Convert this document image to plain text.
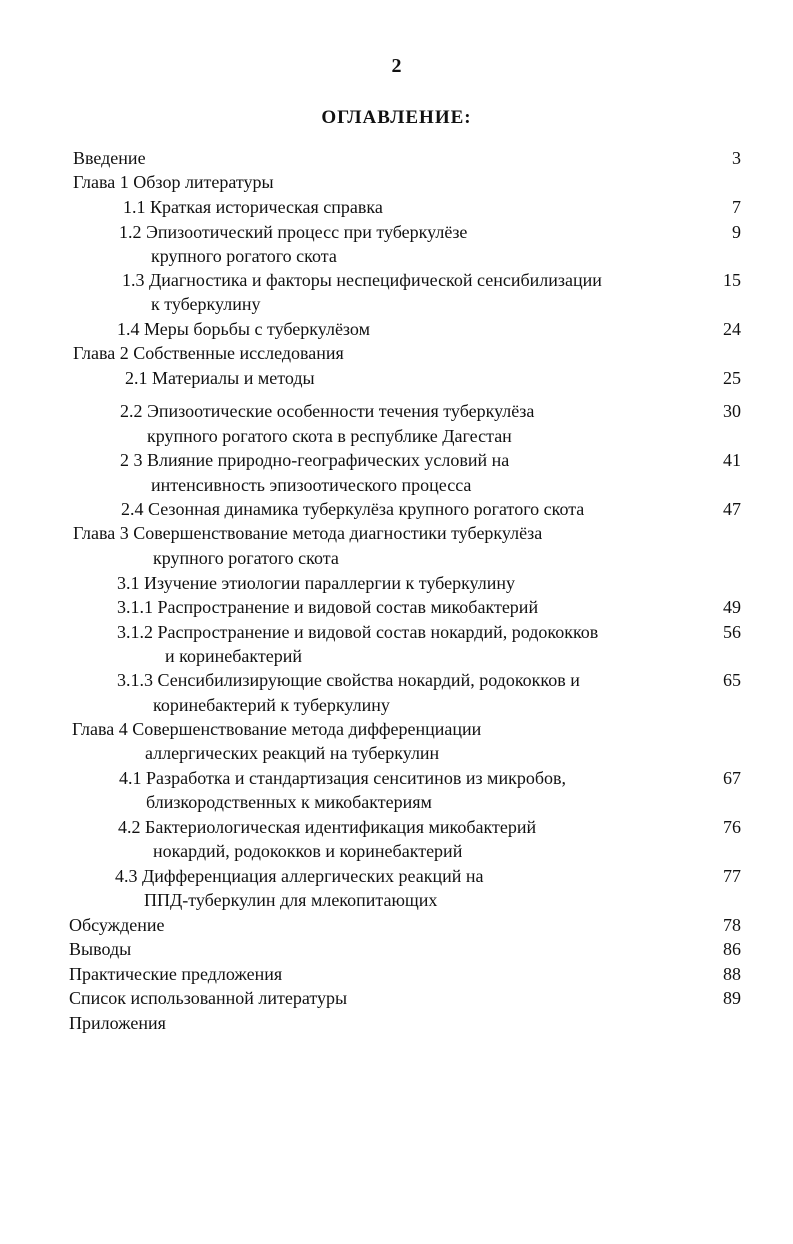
2
ОГЛАВЛЕНИЕ:
Введение	3
Глава 1 Обзор литературы
1.1 Краткая историческая справка	7
1.2 Эпизоотический процесс при туберкулёзе	9
крупного рогатого скота
1.3 Диагностика и факторы неспецифической сенсибилизации	15
к туберкулину
1.4 Меры борьбы с туберкулёзом	24
Глава 2 Собственные исследования
2.1 Материалы и методы	25
2.2 Эпизоотические особенности течения туберкулёза	30
крупного рогатого скота в республике Дагестан
2 3 Влияние природно-географических условий на	41
интенсивность эпизоотического процесса
2.4 Сезонная динамика туберкулёза крупного рогатого скота	47
Глава 3 Совершенствование метода диагностики туберкулёза
крупного рогатого скота
3.1 Изучение этиологии параллергии к туберкулину
3.1.1 Распространение и видовой состав микобактерий	49
3.1.2 Распространение и видовой состав нокардий, родококков	56
и коринебактерий
3.1.3 Сенсибилизирующие свойства нокардий, родококков и	65
коринебактерий к туберкулину
Глава 4 Совершенствование метода дифференциации
аллергических реакций на туберкулин
4.1 Разработка и стандартизация сенситинов из микробов,	67
близкородственных к микобактериям
4.2 Бактериологическая идентификация микобактерий	76
нокардий, родококков и коринебактерий
4.3 Дифференциация аллергических реакций на	77
ППД-туберкулин для млекопитающих
Обсуждение	78
Выводы	86
Практические предложения	88
Список использованной литературы	89
Приложения
